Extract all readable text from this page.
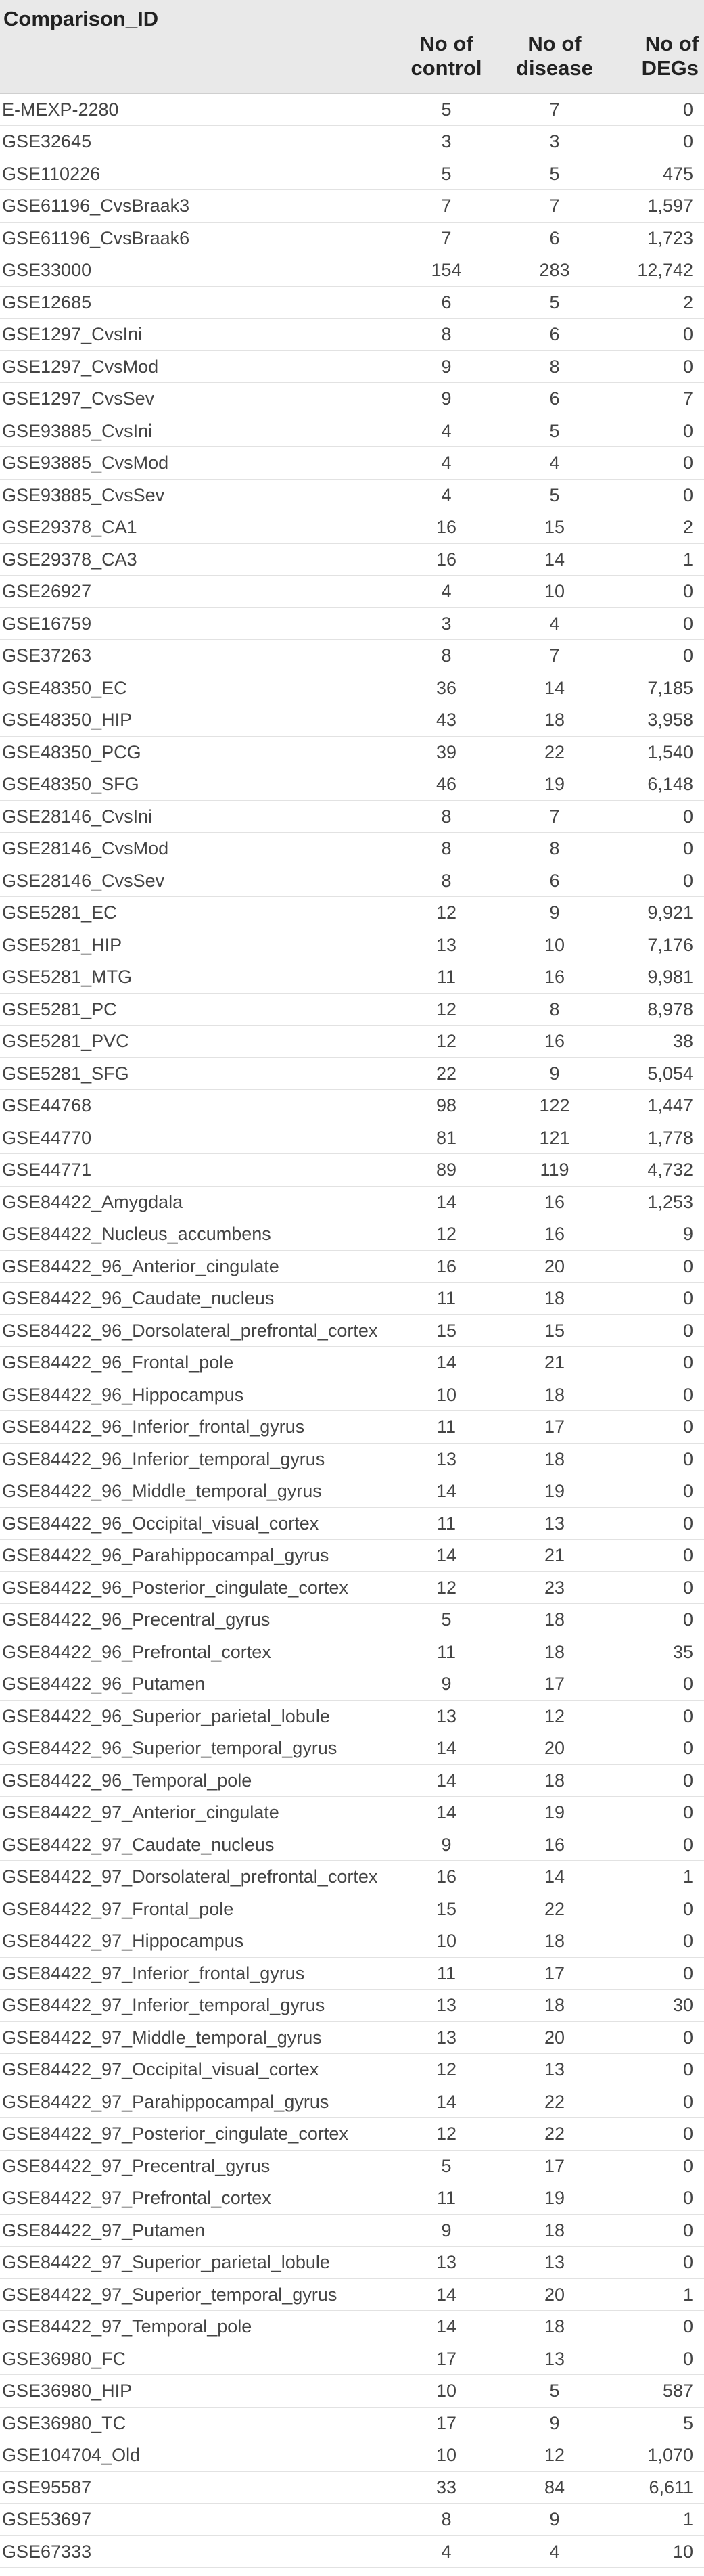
Comparison_ID	No of control	No of disease	No of DEGs
E-MEXP-2280	5	7	0
GSE32645	3	3	0
GSE110226	5	5	475
GSE61196_CvsBraak3	7	7	1,597
GSE61196_CvsBraak6	7	6	1,723
GSE33000	154	283	12,742
GSE12685	6	5	2
GSE1297_CvsIni	8	6	0
GSE1297_CvsMod	9	8	0
GSE1297_CvsSev	9	6	7
GSE93885_CvsIni	4	5	0
GSE93885_CvsMod	4	4	0
GSE93885_CvsSev	4	5	0
GSE29378_CA1	16	15	2
GSE29378_CA3	16	14	1
GSE26927	4	10	0
GSE16759	3	4	0
GSE37263	8	7	0
GSE48350_EC	36	14	7,185
GSE48350_HIP	43	18	3,958
GSE48350_PCG	39	22	1,540
GSE48350_SFG	46	19	6,148
GSE28146_CvsIni	8	7	0
GSE28146_CvsMod	8	8	0
GSE28146_CvsSev	8	6	0
GSE5281_EC	12	9	9,921
GSE5281_HIP	13	10	7,176
GSE5281_MTG	11	16	9,981
GSE5281_PC	12	8	8,978
GSE5281_PVC	12	16	38
GSE5281_SFG	22	9	5,054
GSE44768	98	122	1,447
GSE44770	81	121	1,778
GSE44771	89	119	4,732
GSE84422_Amygdala	14	16	1,253
GSE84422_Nucleus_accumbens	12	16	9
GSE84422_96_Anterior_cingulate	16	20	0
GSE84422_96_Caudate_nucleus	11	18	0
GSE84422_96_Dorsolateral_prefrontal_cortex	15	15	0
GSE84422_96_Frontal_pole	14	21	0
GSE84422_96_Hippocampus	10	18	0
GSE84422_96_Inferior_frontal_gyrus	11	17	0
GSE84422_96_Inferior_temporal_gyrus	13	18	0
GSE84422_96_Middle_temporal_gyrus	14	19	0
GSE84422_96_Occipital_visual_cortex	11	13	0
GSE84422_96_Parahippocampal_gyrus	14	21	0
GSE84422_96_Posterior_cingulate_cortex	12	23	0
GSE84422_96_Precentral_gyrus	5	18	0
GSE84422_96_Prefrontal_cortex	11	18	35
GSE84422_96_Putamen	9	17	0
GSE84422_96_Superior_parietal_lobule	13	12	0
GSE84422_96_Superior_temporal_gyrus	14	20	0
GSE84422_96_Temporal_pole	14	18	0
GSE84422_97_Anterior_cingulate	14	19	0
GSE84422_97_Caudate_nucleus	9	16	0
GSE84422_97_Dorsolateral_prefrontal_cortex	16	14	1
GSE84422_97_Frontal_pole	15	22	0
GSE84422_97_Hippocampus	10	18	0
GSE84422_97_Inferior_frontal_gyrus	11	17	0
GSE84422_97_Inferior_temporal_gyrus	13	18	30
GSE84422_97_Middle_temporal_gyrus	13	20	0
GSE84422_97_Occipital_visual_cortex	12	13	0
GSE84422_97_Parahippocampal_gyrus	14	22	0
GSE84422_97_Posterior_cingulate_cortex	12	22	0
GSE84422_97_Precentral_gyrus	5	17	0
GSE84422_97_Prefrontal_cortex	11	19	0
GSE84422_97_Putamen	9	18	0
GSE84422_97_Superior_parietal_lobule	13	13	0
GSE84422_97_Superior_temporal_gyrus	14	20	1
GSE84422_97_Temporal_pole	14	18	0
GSE36980_FC	17	13	0
GSE36980_HIP	10	5	587
GSE36980_TC	17	9	5
GSE104704_Old	10	12	1,070
GSE95587	33	84	6,611
GSE53697	8	9	1
GSE67333	4	4	10
